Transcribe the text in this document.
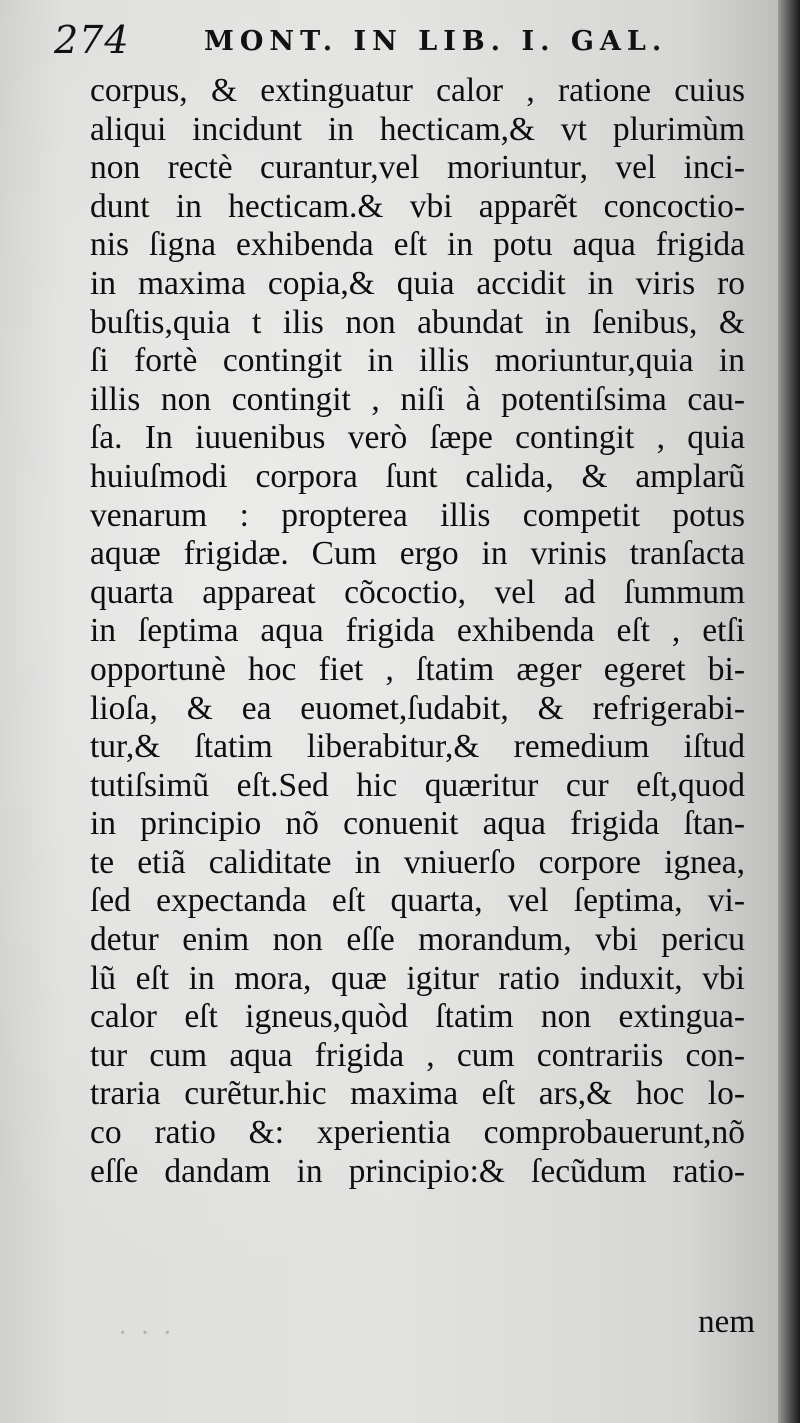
274	MONT. IN LIB. I. GAL.
corpus, & extinguatur calor , ratione cuius
aliqui incidunt in hecticam,& vt plurimùm
non rectè curantur,vel moriuntur, vel inci-
dunt in hecticam.& vbi apparẽt concoctio-
nis ſigna exhibenda eſt in potu aqua frigida
in maxima copia,& quia accidit in viris ro
buſtis,quia t ilis non abundat in ſenibus, &
ſi fortè contingit in illis moriuntur,quia in
illis non contingit , niſi à potentiſsima cau-
ſa. In iuuenibus verò ſæpe contingit , quia
huiuſmodi corpora ſunt calida, & amplarũ
venarum : propterea illis competit potus
aquæ frigidæ. Cum ergo in vrinis tranſacta
quarta appareat cõcoctio, vel ad ſummum
in ſeptima aqua frigida exhibenda eſt , etſi
opportunè hoc fiet , ſtatim æger egeret bi-
lioſa, & ea euomet,ſudabit, & refrigerabi-
tur,& ſtatim liberabitur,& remedium iſtud
tutiſsimũ eſt.Sed hic quæritur cur eſt,quod
in principio nõ conuenit aqua frigida ſtan-
te etiã caliditate in vniuerſo corpore ignea,
ſed expectanda eſt quarta, vel ſeptima, vi-
detur enim non eſſe morandum, vbi pericu
lũ eſt in mora, quæ igitur ratio induxit, vbi
calor eſt igneus,quòd ſtatim non extingua-
tur cum aqua frigida , cum contrariis con-
traria curẽtur.hic maxima eſt ars,& hoc lo-
co ratio &: xperientia comprobauerunt,nõ
eſſe dandam in principio:& ſecũdum ratio-
nem
· · ·
